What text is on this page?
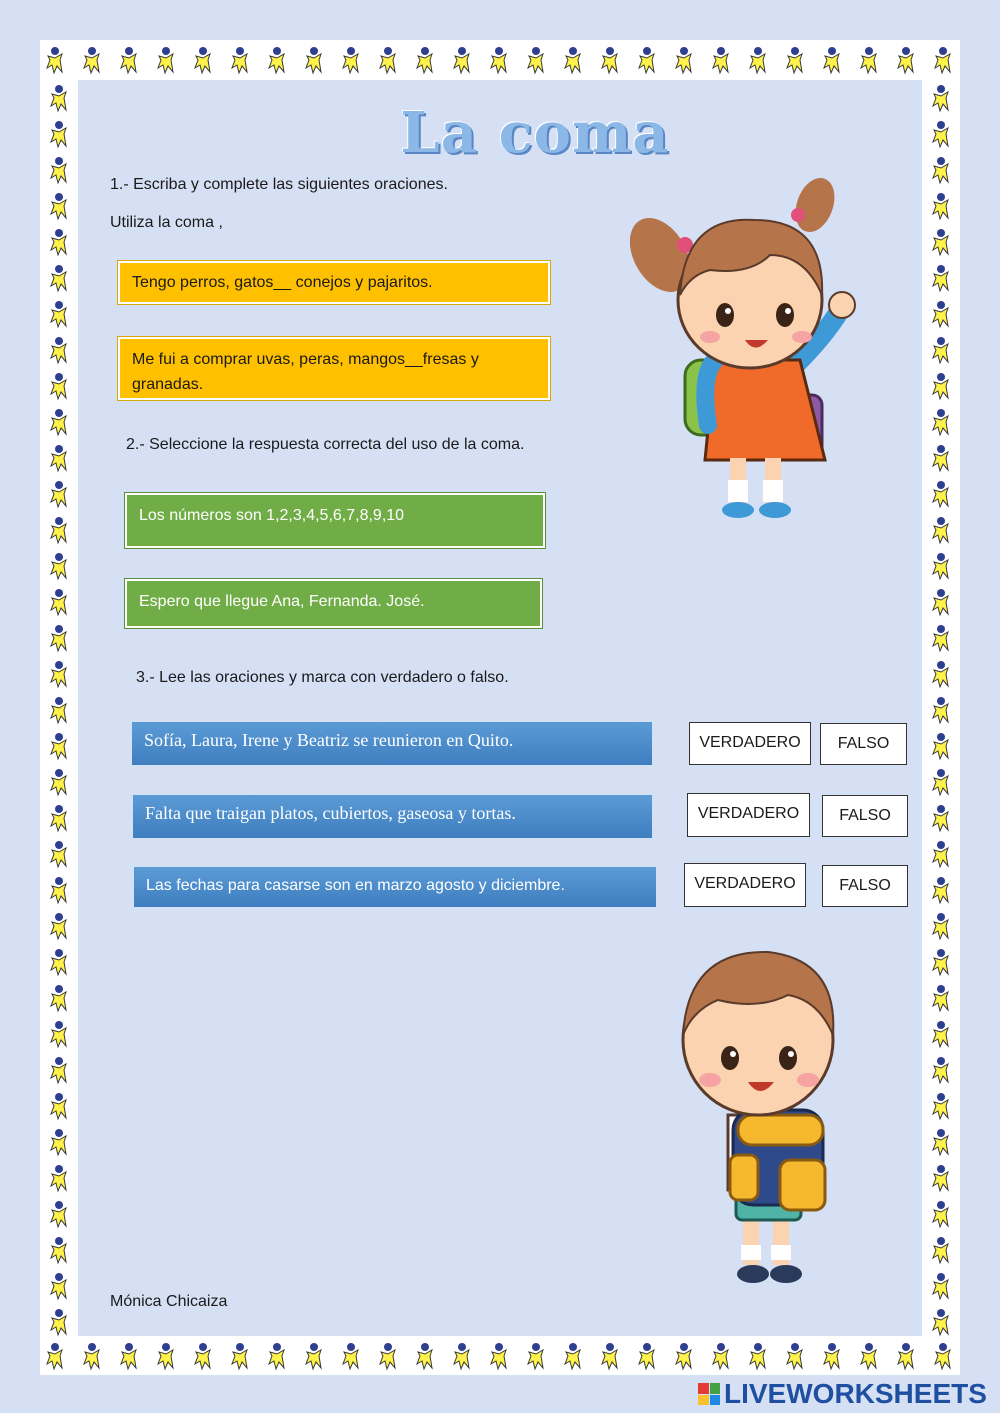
La coma
1.- Escriba y complete las siguientes oraciones.
Utiliza la coma ,
Tengo perros, gatos__ conejos y pajaritos.
Me fui a comprar uvas, peras, mangos__fresas y granadas.
2.- Seleccione la respuesta correcta del uso de la coma.
Los números son 1,2,3,4,5,6,7,8,9,10
Espero que llegue Ana, Fernanda. José.
3.- Lee las oraciones y marca con verdadero o falso.
Sofía, Laura, Irene y Beatriz se reunieron en Quito.	VERDADERO	FALSO
Falta que traigan platos, cubiertos, gaseosa y tortas.	VERDADERO	FALSO
Las fechas para casarse son en marzo agosto y diciembre.	VERDADERO	FALSO
Mónica Chicaiza
LIVEWORKSHEETS
